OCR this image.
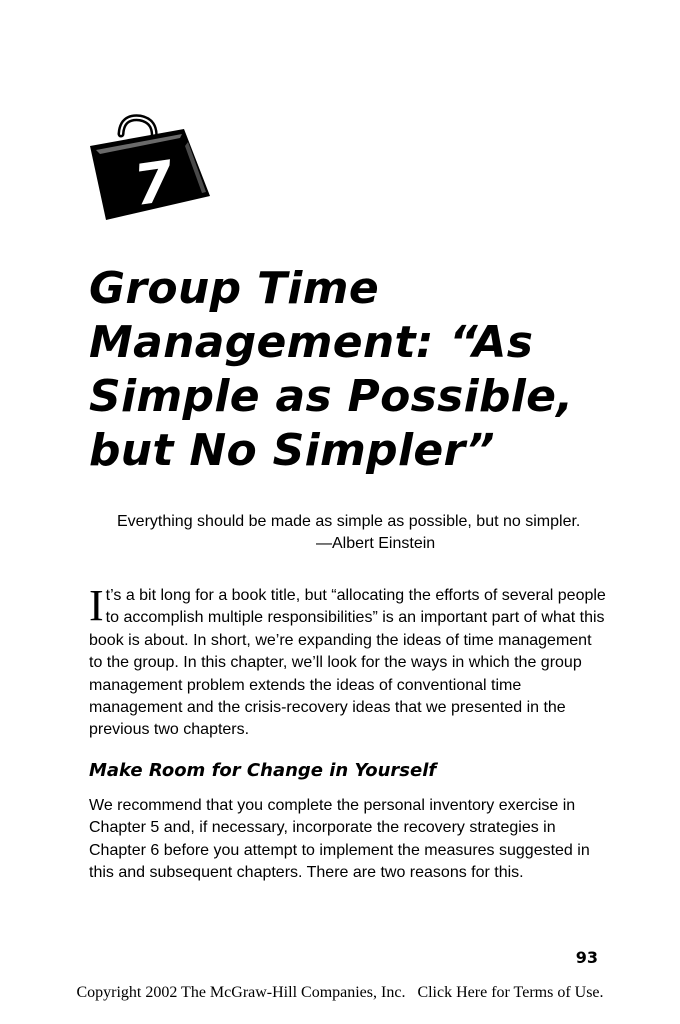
7
Group Time Management: “As Simple as Possible, but No Simpler”
Everything should be made as simple as possible, but no simpler.
—Albert Einstein

It’s a bit long for a book title, but “allocating the efforts of several people to accomplish multiple responsibilities” is an important part of what this book is about. In short, we’re expanding the ideas of time management to the group. In this chapter, we’ll look for the ways in which the group management problem extends the ideas of conventional time management and the crisis-recovery ideas that we presented in the previous two chapters.

Make Room for Change in Yourself

We recommend that you complete the personal inventory exercise in Chapter 5 and, if necessary, incorporate the recovery strategies in Chapter 6 before you attempt to implement the measures suggested in this and subsequent chapters. There are two reasons for this.

93
Copyright 2002 The McGraw-Hill Companies, Inc. Click Here for Terms of Use.
